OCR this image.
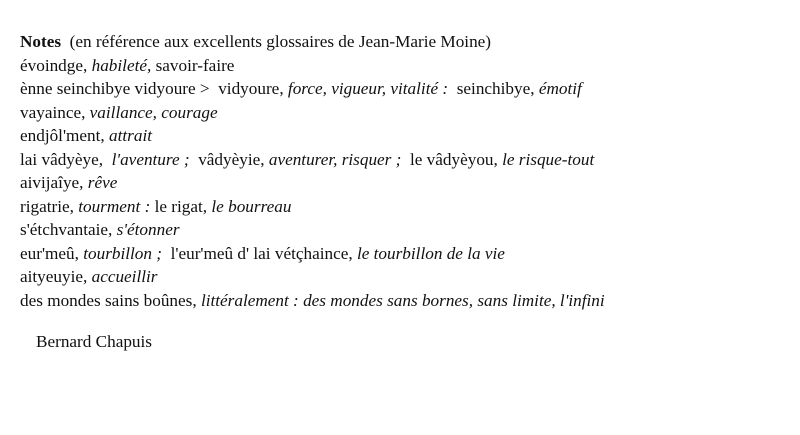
Notes  (en référence aux excellents glossaires de Jean-Marie Moine)
évoindge, habileté, savoir-faire
ènne seinchibye vidyoure >  vidyoure, force, vigueur, vitalité :  seinchibye, émotif
vayaince, vaillance, courage
endjôl'ment, attrait
lai vâdyèye,  l'aventure ;  vâdyèyie, aventurer, risquer ;  le vâdyèyou, le risque-tout
aivijaîye, rêve
rigatrie, tourment : le rigat, le bourreau
s'étchvantaie, s'étonner
eur'meû, tourbillon ;  l'eur'meû d' lai vétçhaince, le tourbillon de la vie
aityeuyie, accueillir
des mondes sains boûnes, littéralement : des mondes sans bornes, sans limite, l'infini
Bernard Chapuis
